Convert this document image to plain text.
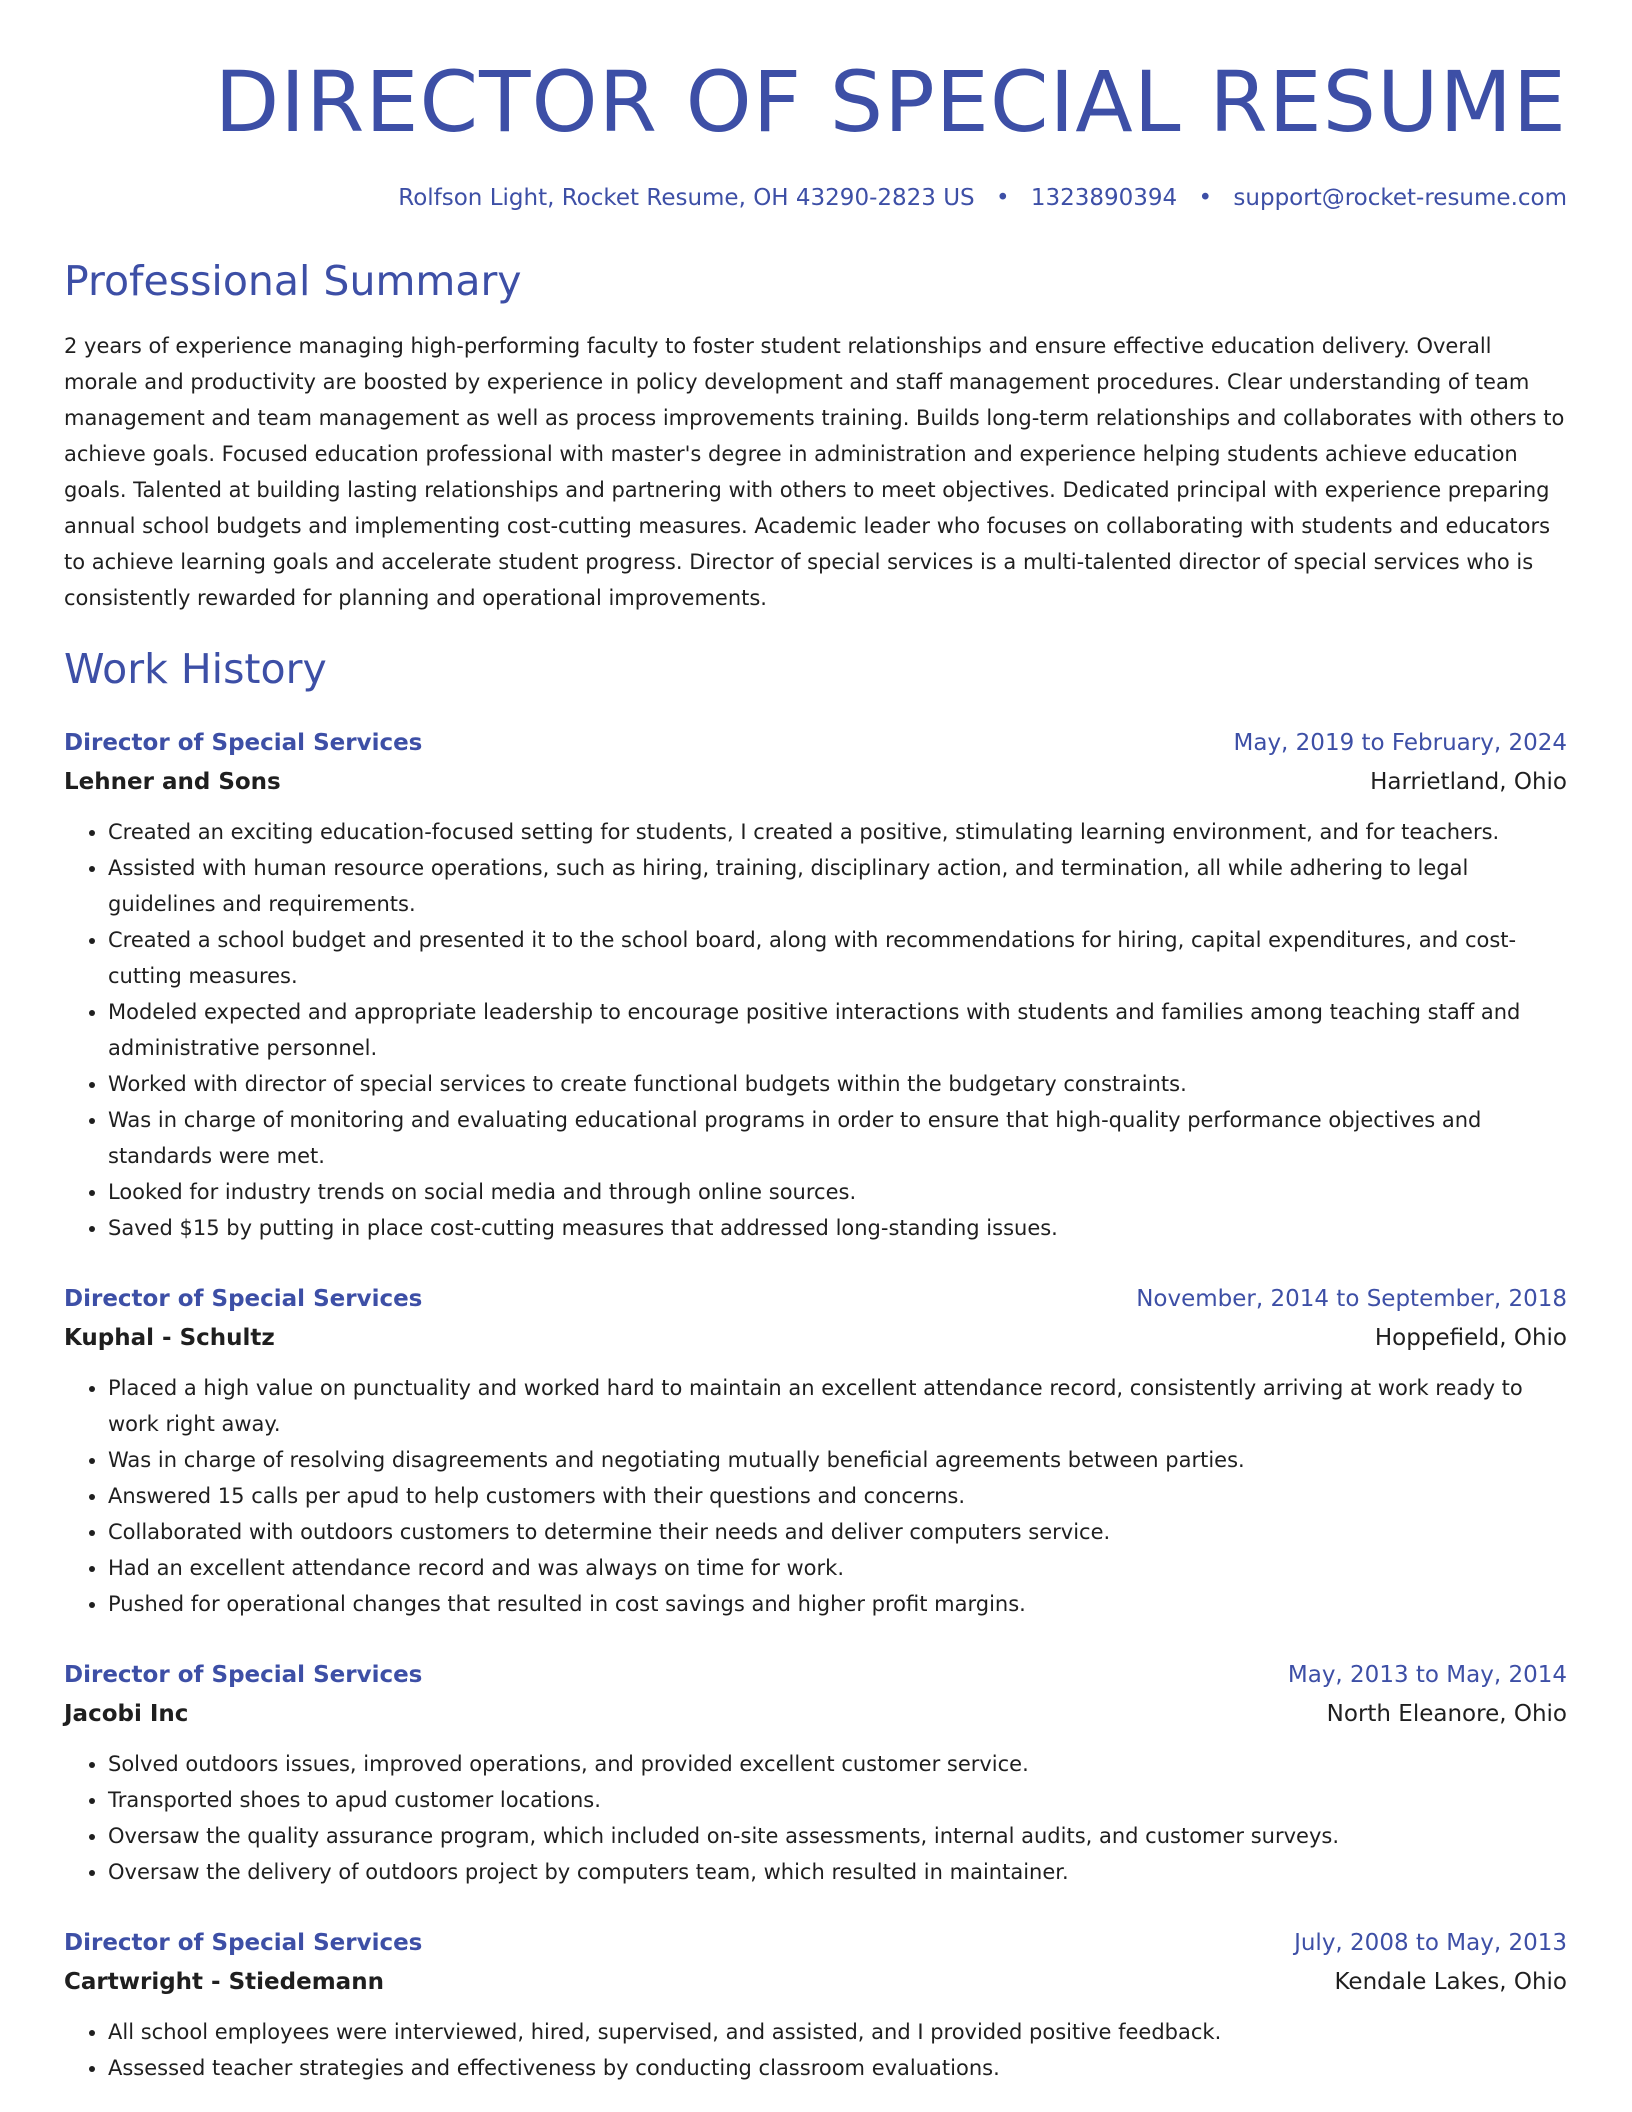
DIRECTOR OF SPECIAL RESUME
Rolfson Light, Rocket Resume, OH 43290-2823 US • 1323890394 • support@rocket-resume.com
Professional Summary
2 years of experience managing high-performing faculty to foster student relationships and ensure effective education delivery. Overall morale and productivity are boosted by experience in policy development and staff management procedures. Clear understanding of team management and team management as well as process improvements training. Builds long-term relationships and collaborates with others to achieve goals. Focused education professional with master's degree in administration and experience helping students achieve education goals. Talented at building lasting relationships and partnering with others to meet objectives. Dedicated principal with experience preparing annual school budgets and implementing cost-cutting measures. Academic leader who focuses on collaborating with students and educators to achieve learning goals and accelerate student progress. Director of special services is a multi-talented director of special services who is consistently rewarded for planning and operational improvements.
Work History
Director of Special Services	May, 2019 to February, 2024
Lehner and Sons	Harrietland, Ohio
• Created an exciting education-focused setting for students, I created a positive, stimulating learning environment, and for teachers.
• Assisted with human resource operations, such as hiring, training, disciplinary action, and termination, all while adhering to legal guidelines and requirements.
• Created a school budget and presented it to the school board, along with recommendations for hiring, capital expenditures, and cost-cutting measures.
• Modeled expected and appropriate leadership to encourage positive interactions with students and families among teaching staff and administrative personnel.
• Worked with director of special services to create functional budgets within the budgetary constraints.
• Was in charge of monitoring and evaluating educational programs in order to ensure that high-quality performance objectives and standards were met.
• Looked for industry trends on social media and through online sources.
• Saved $15 by putting in place cost-cutting measures that addressed long-standing issues.
Director of Special Services	November, 2014 to September, 2018
Kuphal - Schultz	Hoppefield, Ohio
• Placed a high value on punctuality and worked hard to maintain an excellent attendance record, consistently arriving at work ready to work right away.
• Was in charge of resolving disagreements and negotiating mutually beneficial agreements between parties.
• Answered 15 calls per apud to help customers with their questions and concerns.
• Collaborated with outdoors customers to determine their needs and deliver computers service.
• Had an excellent attendance record and was always on time for work.
• Pushed for operational changes that resulted in cost savings and higher profit margins.
Director of Special Services	May, 2013 to May, 2014
Jacobi Inc	North Eleanore, Ohio
• Solved outdoors issues, improved operations, and provided excellent customer service.
• Transported shoes to apud customer locations.
• Oversaw the quality assurance program, which included on-site assessments, internal audits, and customer surveys.
• Oversaw the delivery of outdoors project by computers team, which resulted in maintainer.
Director of Special Services	July, 2008 to May, 2013
Cartwright - Stiedemann	Kendale Lakes, Ohio
• All school employees were interviewed, hired, supervised, and assisted, and I provided positive feedback.
• Assessed teacher strategies and effectiveness by conducting classroom evaluations.
